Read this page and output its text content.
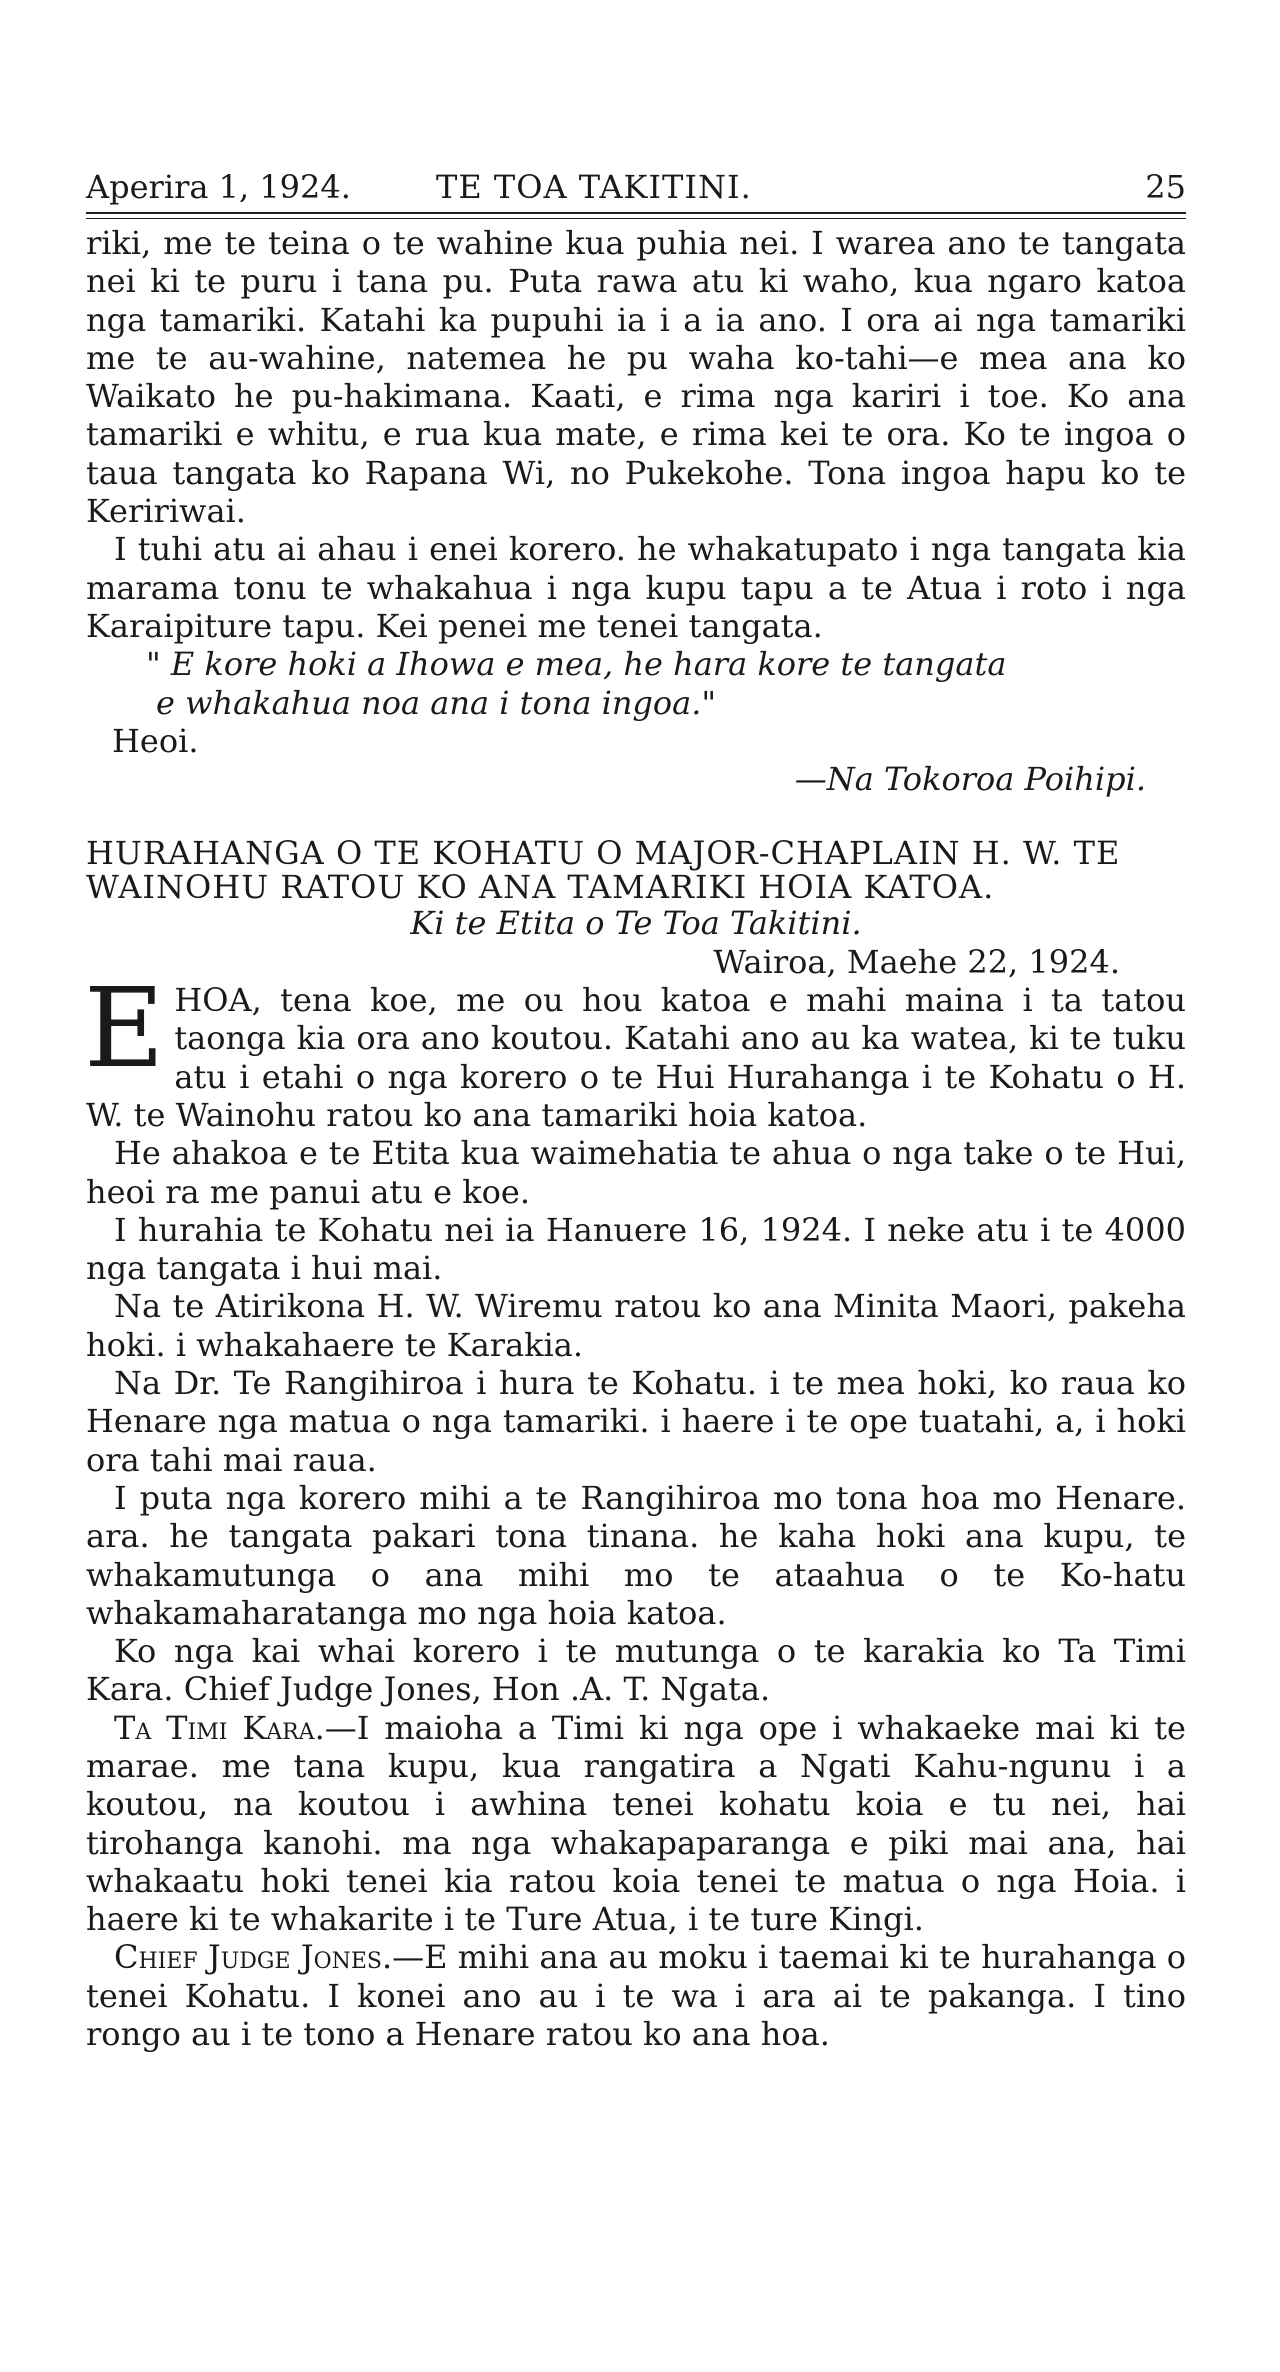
Aperira 1, 1924.	TE TOA TAKITINI.	25

riki, me te teina o te wahine kua puhia nei. I warea ano te tangata nei ki te puru i tana pu. Puta rawa atu ki waho, kua ngaro katoa nga tamariki. Katahi ka pupuhi ia i a ia ano. I ora ai nga tamariki me te au-wahine, natemea he pu waha ko-tahi—e mea ana ko Waikato he pu-hakimana. Kaati, e rima nga kariri i toe. Ko ana tamariki e whitu, e rua kua mate, e rima kei te ora. Ko te ingoa o taua tangata ko Rapana Wi, no Pukekohe. Tona ingoa hapu ko te Keririwai.

I tuhi atu ai ahau i enei korero. he whakatupato i nga tangata kia marama tonu te whakahua i nga kupu tapu a te Atua i roto i nga Karaipiture tapu. Kei penei me tenei tangata.

" E kore hoki a Ihowa e mea, he hara kore te tangata

e whakahua noa ana i tona ingoa."

Heoi.

—Na Tokoroa Poihipi.

HURAHANGA O TE KOHATU O MAJOR-CHAPLAIN H. W. TE WAINOHU RATOU KO ANA TAMARIKI HOIA KATOA.

Ki te Etita o Te Toa Takitini.

Wairoa, Maehe 22, 1924.

EHOA, tena koe, me ou hou katoa e mahi maina i ta tatou taonga kia ora ano koutou. Katahi ano au ka watea, ki te tuku atu i etahi o nga korero o te Hui Hurahanga i te Kohatu o H. W. te Wainohu ratou ko ana tamariki hoia katoa.

He ahakoa e te Etita kua waimehatia te ahua o nga take o te Hui, heoi ra me panui atu e koe.

I hurahia te Kohatu nei ia Hanuere 16, 1924. I neke atu i te 4000 nga tangata i hui mai.

Na te Atirikona H. W. Wiremu ratou ko ana Minita Maori, pakeha hoki. i whakahaere te Karakia.

Na Dr. Te Rangihiroa i hura te Kohatu. i te mea hoki, ko raua ko Henare nga matua o nga tamariki. i haere i te ope tuatahi, a, i hoki ora tahi mai raua.

I puta nga korero mihi a te Rangihiroa mo tona hoa mo Henare. ara. he tangata pakari tona tinana. he kaha hoki ana kupu, te whakamutunga o ana mihi mo te ataahua o te Ko-hatu whakamaharatanga mo nga hoia katoa.

Ko nga kai whai korero i te mutunga o te karakia ko Ta Timi Kara. Chief Judge Jones, Hon .A. T. Ngata.

Ta Timi Kara.—I maioha a Timi ki nga ope i whakaeke mai ki te marae. me tana kupu, kua rangatira a Ngati Kahu-ngunu i a koutou, na koutou i awhina tenei kohatu koia e tu nei, hai tirohanga kanohi. ma nga whakapaparanga e piki mai ana, hai whakaatu hoki tenei kia ratou koia tenei te matua o nga Hoia. i haere ki te whakarite i te Ture Atua, i te ture Kingi.

Chief Judge Jones.—E mihi ana au moku i taemai ki te hurahanga o tenei Kohatu. I konei ano au i te wa i ara ai te pakanga. I tino rongo au i te tono a Henare ratou ko ana hoa.
